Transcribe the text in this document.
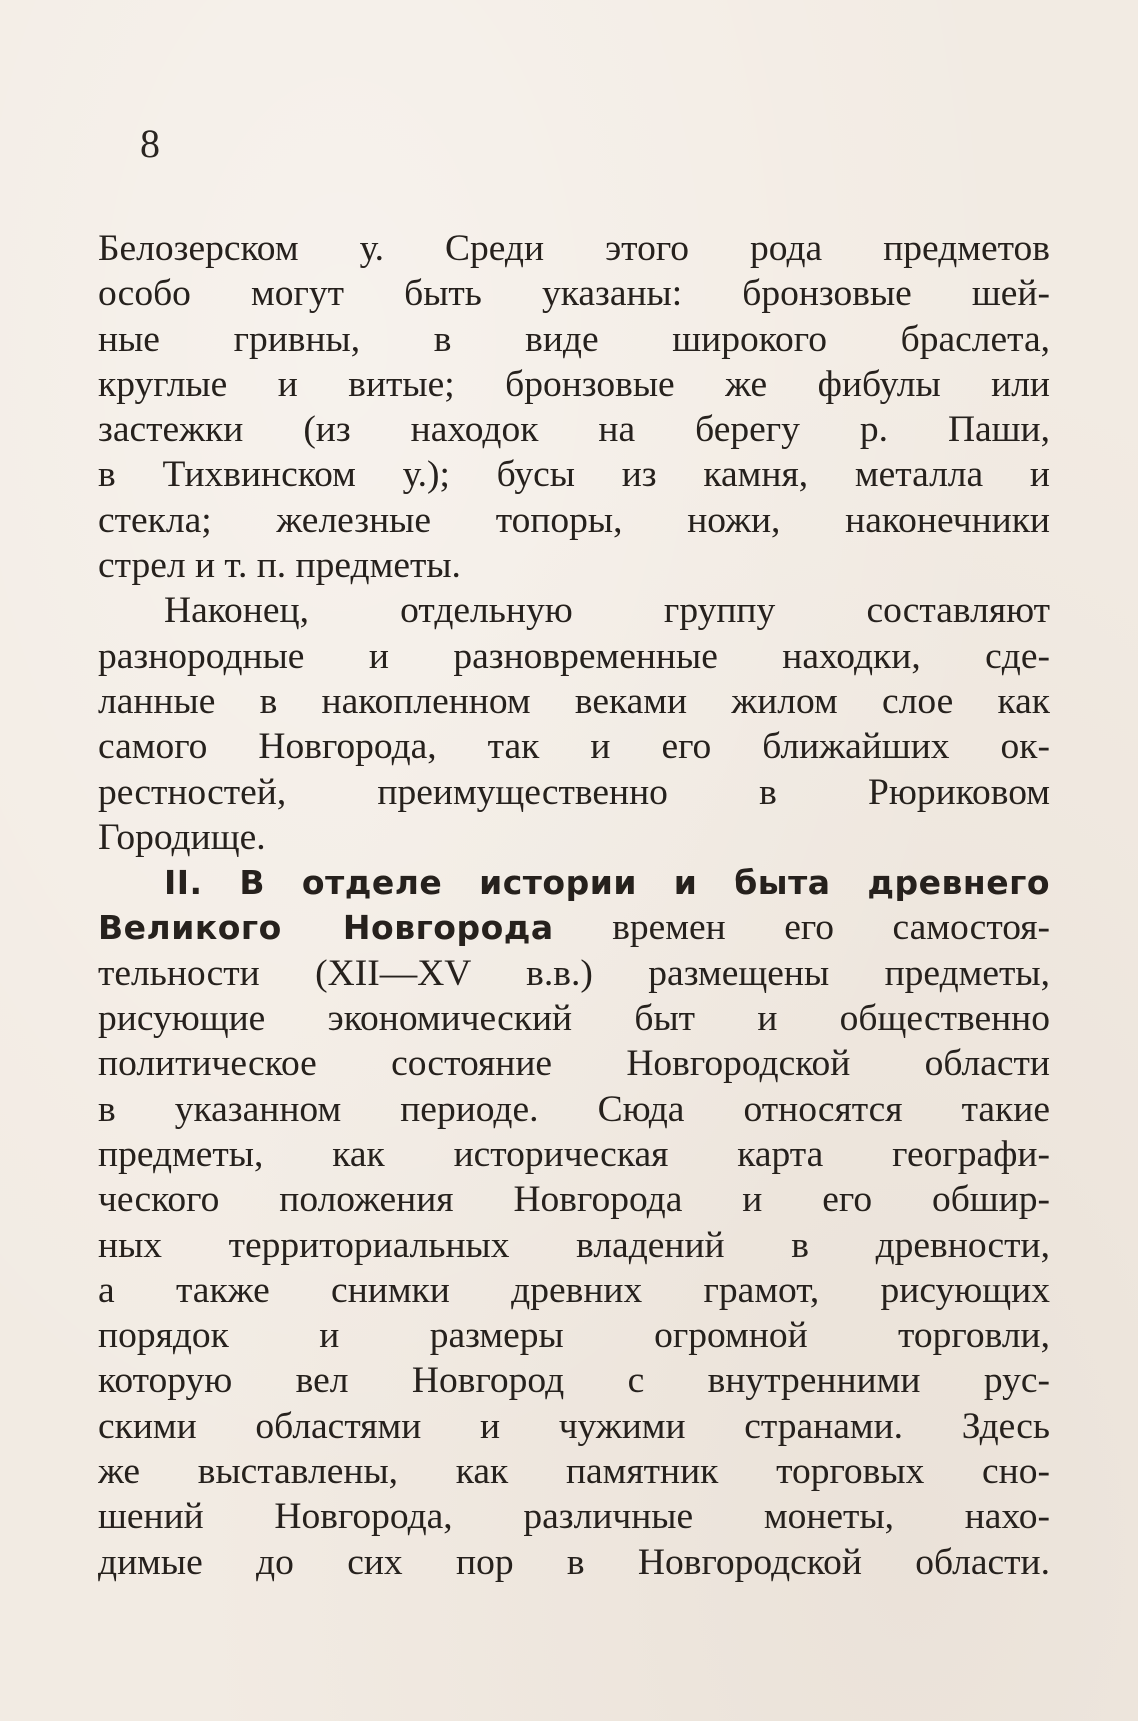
8
Белозерском у. Среди этого рода предметов
особо могут быть указаны: бронзовые шей-
ные гривны, в виде широкого браслета,
круглые и витые; бронзовые же фибулы или
застежки (из находок на берегу р. Паши,
в Тихвинском у.); бусы из камня, металла и
стекла; железные топоры, ножи, наконечники
стрел и т. п. предметы.
Наконец, отдельную группу составляют
разнородные и разновременные находки, сде-
ланные в накопленном веками жилом слое как
самого Новгорода, так и его ближайших ок-
рестностей, преимущественно в Рюриковом
Городище.
II. В отделе истории и быта древнего
Великого Новгорода времен его самостоя-
тельности (XII—XV в.в.) размещены предметы,
рисующие экономический быт и общественно
политическое состояние Новгородской области
в указанном периоде. Сюда относятся такие
предметы, как историческая карта географи-
ческого положения Новгорода и его обшир-
ных территориальных владений в древности,
а также снимки древних грамот, рисующих
порядок и размеры огромной торговли,
которую вел Новгород с внутренними рус-
скими областями и чужими странами. Здесь
же выставлены, как памятник торговых сно-
шений Новгорода, различные монеты, нахо-
димые до сих пор в Новгородской области.
